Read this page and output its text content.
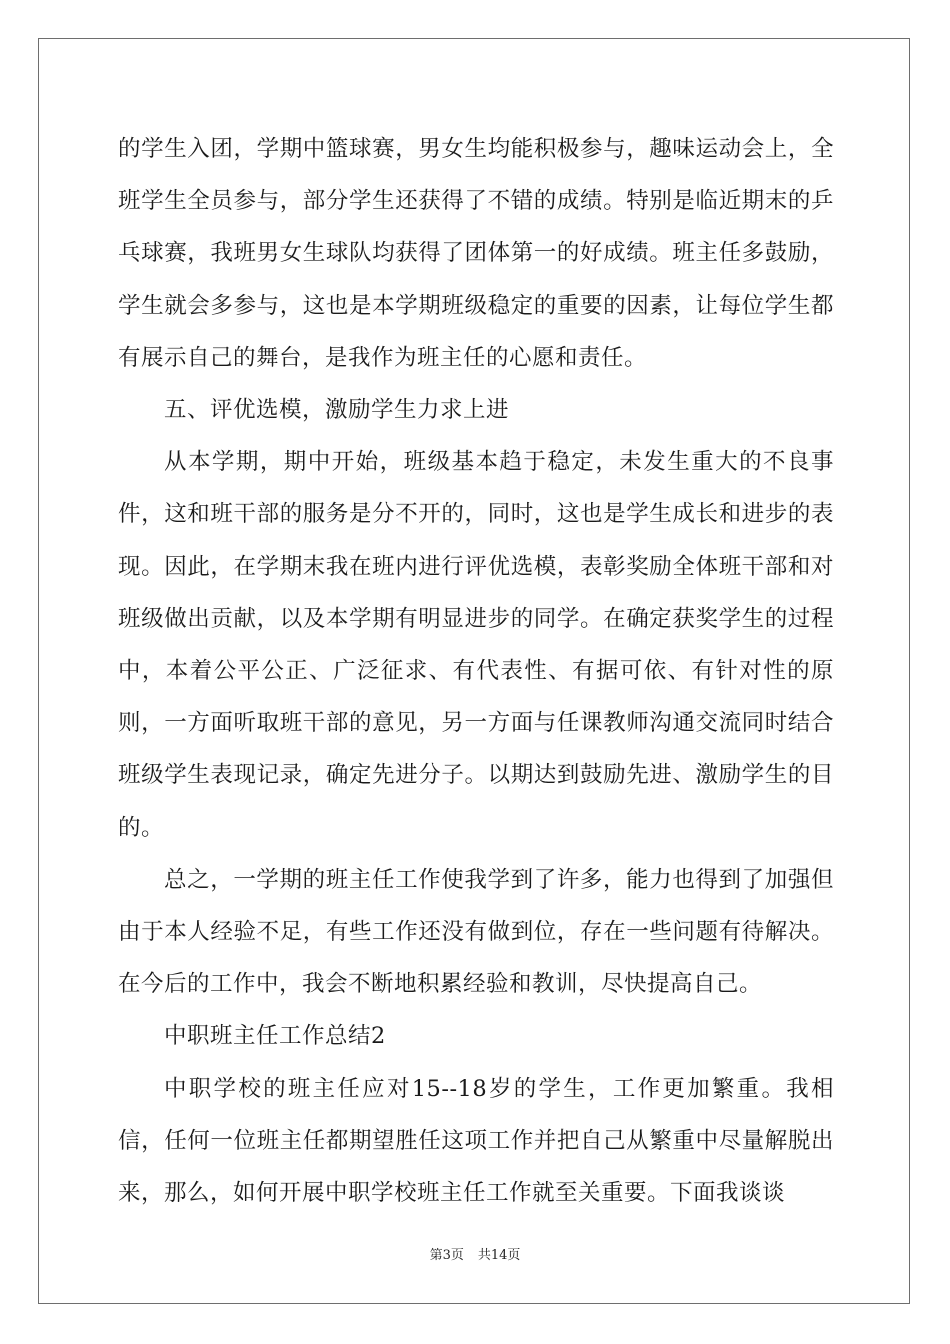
的学生入团，学期中篮球赛，男女生均能积极参与，趣味运动会上，全班学生全员参与，部分学生还获得了不错的成绩。特别是临近期末的乒乓球赛，我班男女生球队均获得了团体第一的好成绩。班主任多鼓励，学生就会多参与，这也是本学期班级稳定的重要的因素，让每位学生都有展示自己的舞台，是我作为班主任的心愿和责任。

五、评优选模，激励学生力求上进

从本学期，期中开始，班级基本趋于稳定，未发生重大的不良事件，这和班干部的服务是分不开的，同时，这也是学生成长和进步的表现。因此，在学期末我在班内进行评优选模，表彰奖励全体班干部和对班级做出贡献，以及本学期有明显进步的同学。在确定获奖学生的过程中，本着公平公正、广泛征求、有代表性、有据可依、有针对性的原则，一方面听取班干部的意见，另一方面与任课教师沟通交流同时结合班级学生表现记录，确定先进分子。以期达到鼓励先进、激励学生的目的。

总之，一学期的班主任工作使我学到了许多，能力也得到了加强但由于本人经验不足，有些工作还没有做到位，存在一些问题有待解决。在今后的工作中，我会不断地积累经验和教训，尽快提高自己。

中职班主任工作总结2

中职学校的班主任应对15--18岁的学生，工作更加繁重。我相信，任何一位班主任都期望胜任这项工作并把自己从繁重中尽量解脱出来，那么，如何开展中职学校班主任工作就至关重要。下面我谈谈

第3页 共14页
